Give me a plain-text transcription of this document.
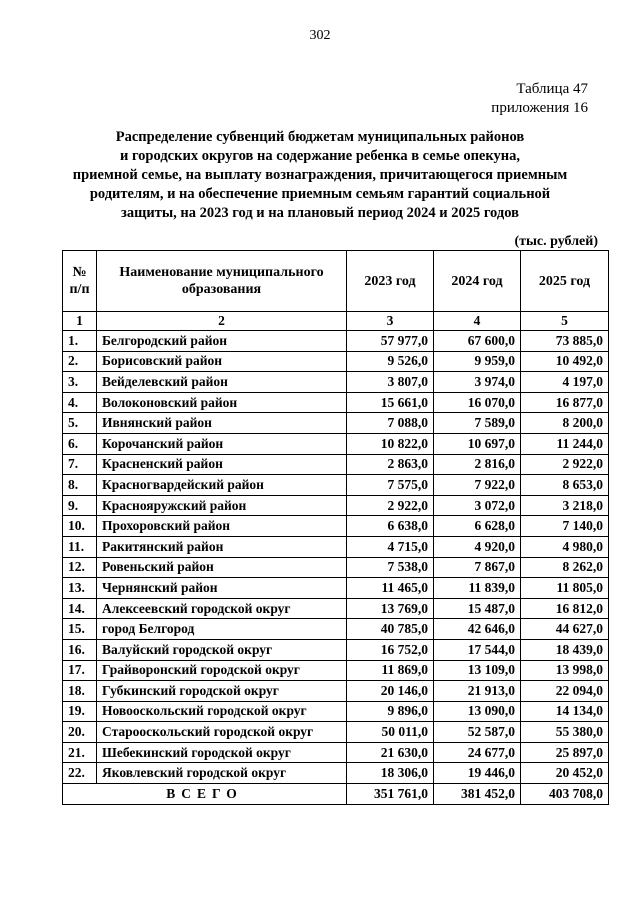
302
Таблица 47
приложения 16
Распределение субвенций бюджетам муниципальных районов
и городских округов на содержание ребенка в семье опекуна,
приемной семье, на выплату вознаграждения, причитающегося приемным
родителям, и на обеспечение приемным семьям гарантий социальной
защиты, на 2023 год и на плановый период 2024 и 2025 годов
(тыс. рублей)
№ п/п	Наименование муниципального образования	2023 год	2024 год	2025 год
1	2	3	4	5
1.	Белгородский район	57 977,0	67 600,0	73 885,0
2.	Борисовский район	9 526,0	9 959,0	10 492,0
3.	Вейделевский район	3 807,0	3 974,0	4 197,0
4.	Волоконовский район	15 661,0	16 070,0	16 877,0
5.	Ивнянский район	7 088,0	7 589,0	8 200,0
6.	Корочанский район	10 822,0	10 697,0	11 244,0
7.	Красненский район	2 863,0	2 816,0	2 922,0
8.	Красногвардейский район	7 575,0	7 922,0	8 653,0
9.	Краснояружский район	2 922,0	3 072,0	3 218,0
10.	Прохоровский район	6 638,0	6 628,0	7 140,0
11.	Ракитянский район	4 715,0	4 920,0	4 980,0
12.	Ровеньский район	7 538,0	7 867,0	8 262,0
13.	Чернянский район	11 465,0	11 839,0	11 805,0
14.	Алексеевский городской округ	13 769,0	15 487,0	16 812,0
15.	город Белгород	40 785,0	42 646,0	44 627,0
16.	Валуйский городской округ	16 752,0	17 544,0	18 439,0
17.	Грайворонский городской округ	11 869,0	13 109,0	13 998,0
18.	Губкинский городской округ	20 146,0	21 913,0	22 094,0
19.	Новооскольский городской округ	9 896,0	13 090,0	14 134,0
20.	Старооскольский городской округ	50 011,0	52 587,0	55 380,0
21.	Шебекинский городской округ	21 630,0	24 677,0	25 897,0
22.	Яковлевский городской округ	18 306,0	19 446,0	20 452,0
ВСЕГО		351 761,0	381 452,0	403 708,0
